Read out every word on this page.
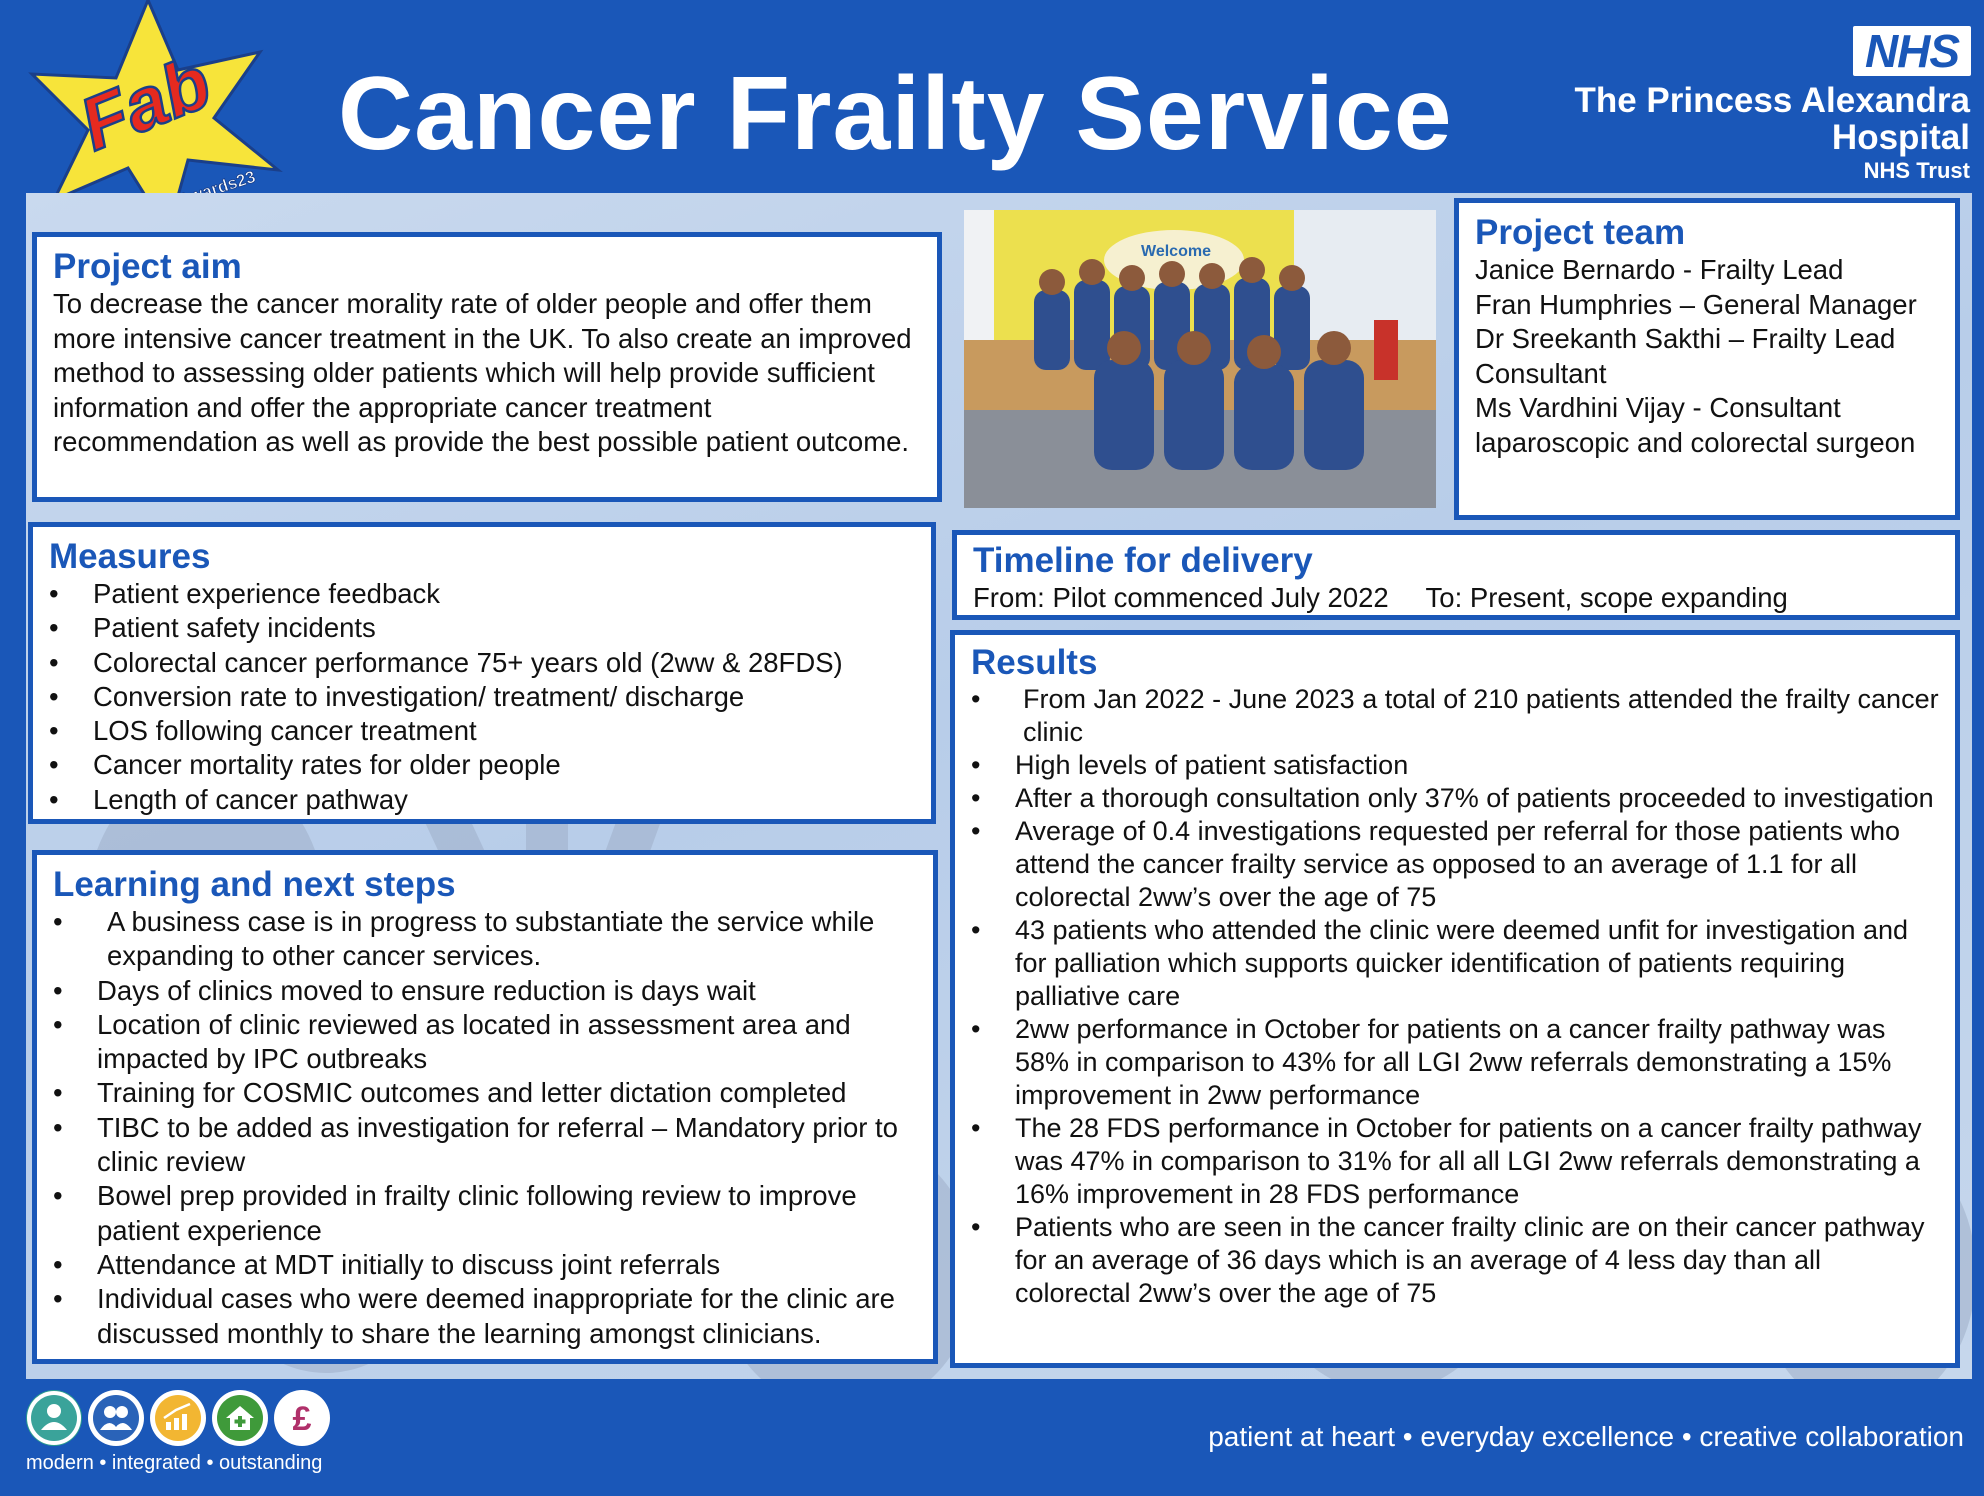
Fab Cancer Frailty Service
NHS
The Princess Alexandra
Hospital
NHS Trust
Project aim

To decrease the cancer morality rate of older people and offer them more intensive cancer treatment in the UK. To also create an improved method to assessing older patients which will help provide sufficient information and offer the appropriate cancer treatment recommendation as well as provide the best possible patient outcome.

Welcome	Project team
Janice Bernardo - Frailty Lead
Fran Humphries – General Manager
Dr Sreekanth Sakthi – Frailty Lead Consultant
Ms Vardhini Vijay - Consultant laparoscopic and colorectal surgeon
Measures
• Patient experience feedback
• Patient safety incidents
• Colorectal cancer performance 75+ years old (2ww & 28FDS)
• Conversion rate to investigation/ treatment/ discharge
• LOS following cancer treatment
• Cancer mortality rates for older people
• Length of cancer pathway
Timeline for delivery
From: Pilot commenced July 2022 To: Present, scope expanding
Learning and next steps
• A business case is in progress to substantiate the service while expanding to other cancer services.
• Days of clinics moved to ensure reduction is days wait
• Location of clinic reviewed as located in assessment area and impacted by IPC outbreaks
• Training for COSMIC outcomes and letter dictation completed
• TIBC to be added as investigation for referral – Mandatory prior to clinic review
• Bowel prep provided in frailty clinic following review to improve patient experience
• Attendance at MDT initially to discuss joint referrals
• Individual cases who were deemed inappropriate for the clinic are discussed monthly to share the learning amongst clinicians.
Results
• From Jan 2022 - June 2023 a total of 210 patients attended the frailty cancer clinic
• High levels of patient satisfaction
• After a thorough consultation only 37% of patients proceeded to investigation
• Average of 0.4 investigations requested per referral for those patients who attend the cancer frailty service as opposed to an average of 1.1 for all colorectal 2ww’s over the age of 75
• 43 patients who attended the clinic were deemed unfit for investigation and for palliation which supports quicker identification of patients requiring palliative care
• 2ww performance in October for patients on a cancer frailty pathway was 58% in comparison to 43% for all LGI 2ww referrals demonstrating a 15% improvement in 2ww performance
• The 28 FDS performance in October for patients on a cancer frailty pathway was 47% in comparison to 31% for all all LGI 2ww referrals demonstrating a 16% improvement in 28 FDS performance
• Patients who are seen in the cancer frailty clinic are on their cancer pathway for an average of 36 days which is an average of 4 less day than all colorectal 2ww’s over the age of 75
£
modern • integrated • outstanding
patient at heart • everyday excellence • creative collaboration
